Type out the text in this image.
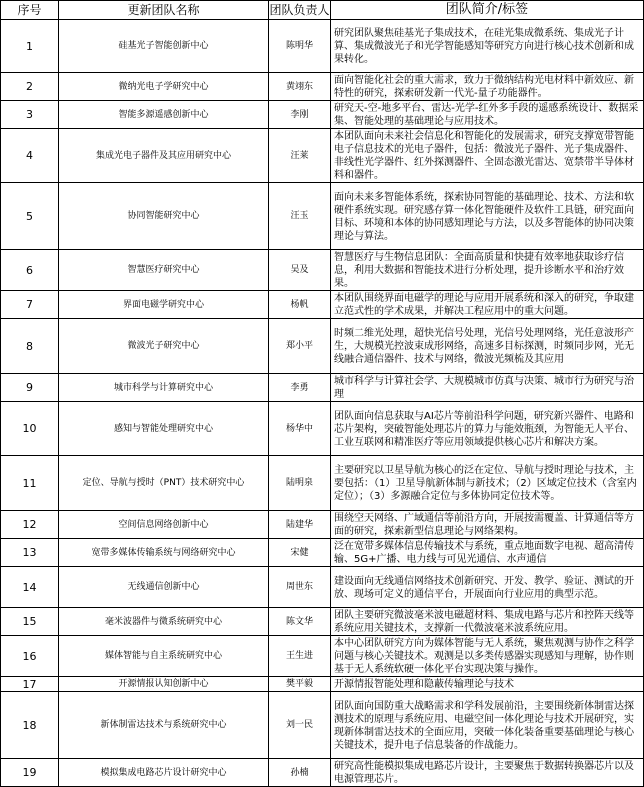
序号	更新团队名称	团队负责人	团队简介/标签
1	硅基光子智能创新中心	陈明华	研究团队聚焦硅基光子集成技术，在硅光集成微系统、集成光子计算、集成微波光子和光学智能感知等研究方向进行核心技术创新和成果转化。
2	微纳光电子学研究中心	黄翊东	面向智能化社会的重大需求，致力于微纳结构光电材料中新效应、新特性的研究，探索研发新一代光-量子功能器件。
3	智能多源遥感创新中心	李刚	研究天-空-地多平台、雷达-光学-红外多手段的遥感系统设计、数据采集、智能处理的基础理论与应用技术。
4	集成光电子器件及其应用研究中心	汪莱	本团队面向未来社会信息化和智能化的发展需求，研究支撑宽带智能电子信息技术的光电子器件，包括：微波光子器件、光子集成器件、非线性光学器件、红外探测器件、全固态激光雷达、宽禁带半导体材料和器件。
5	协同智能研究中心	汪玉	面向未来多智能体系统，探索协同智能的基础理论、技术、方法和软硬件系统实现。研究感存算一体化智能硬件及软件工具链，研究面向目标、环境和本体的协同感知理论与方法，以及多智能体的协同决策理论与算法。
6	智慧医疗研究中心	吴及	智慧医疗与生物信息团队：全面高质量和快捷有效率地获取诊疗信息，利用大数据和智能技术进行分析处理，提升诊断水平和治疗效果。
7	界面电磁学研究中心	杨帆	本团队围绕界面电磁学的理论与应用开展系统和深入的研究，争取建立范式性的学术成果，并解决工程应用中的重大问题。
8	微波光子研究中心	郑小平	时频二维光处理，超快光信号处理，光信号处理网络，光任意波形产生，大规模光控波束成形网络，高速多目标探测，时频同步网，光无线融合通信器件、技术与网络，微波光频梳及其应用
9	城市科学与计算研究中心	李勇	城市科学与计算社会学、大规模城市仿真与决策、城市行为研究与治理
10	感知与智能处理研究中心	杨华中	团队面向信息获取与AI芯片等前沿科学问题，研究新兴器件、电路和芯片架构，突破智能处理芯片的算力与能效瓶颈，为智能无人平台、工业互联网和精准医疗等应用领域提供核心芯片和解决方案。
11	定位、导航与授时（PNT）技术研究中心	陆明泉	主要研究以卫星导航为核心的泛在定位、导航与授时理论与技术，主要包括：（1）卫星导航新体制与新技术；（2）区域定位技术（含室内定位）；（3）多源融合定位与多体协同定位技术等。
12	空间信息网络创新中心	陆建华	围绕空天网络、广域通信等前沿方向，开展按需覆盖、计算通信等方面的研究，探索新型信息理论与网络架构。
13	宽带多媒体传输系统与网络研究中心	宋健	泛在宽带多媒体信息传输技术与系统，重点地面数字电视、超高清传输、5G+广播、电力线与可见光通信、水声通信
14	无线通信创新中心	周世东	建设面向无线通信网络技术创新研究、开发、教学、验证、测试的开放、现场可定义的通信平台，开展面向行业应用的典型示范。
15	毫米波器件与微系统研究中心	陈文华	团队主要研究微波毫米波电磁超材料、集成电路与芯片和控阵天线等系统应用关键技术，支撑新一代微波毫米波系统应用。
16	媒体智能与自主系统研究中心	王生进	本中心团队研究方向为媒体智能与无人系统，聚焦观测与协作之科学问题与核心关键技术。观测是以多类传感器实现感知与理解，协作则基于无人系统软硬一体化平台实现决策与操作。
17	开源情报认知创新中心	樊平毅	开源情报智能处理和隐蔽传输理论与技术
18	新体制雷达技术与系统研究中心	刘一民	团队面向国防重大战略需求和学科发展前沿，主要围绕新体制雷达探测技术的原理与系统应用、电磁空间一体化理论与技术开展研究，实现新体制雷达技术的全面应用，突破一体化装备重要基础理论与核心关键技术，提升电子信息装备的作战能力。
19	模拟集成电路芯片设计研究中心	孙楠	研究高性能模拟集成电路芯片设计，主要聚焦于数据转换器芯片以及电源管理芯片。
